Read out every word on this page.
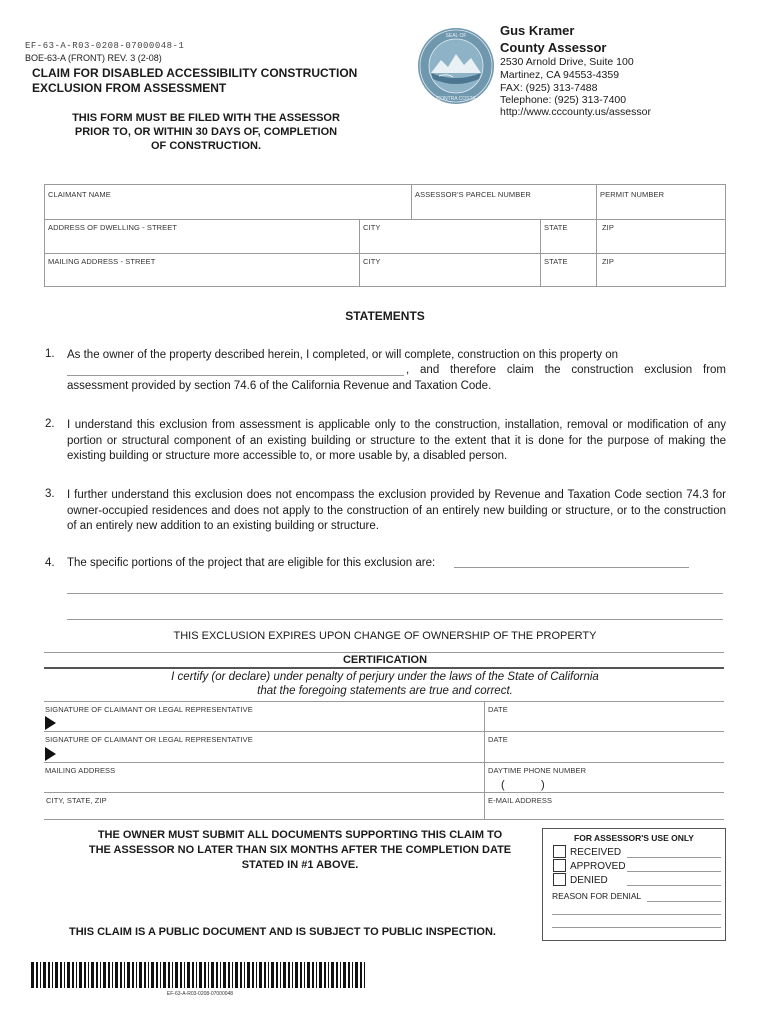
EF-63-A-R03-0208-07000048-1
BOE-63-A (FRONT) REV. 3 (2-08)
CLAIM FOR DISABLED ACCESSIBILITY CONSTRUCTION
EXCLUSION FROM ASSESSMENT
THIS FORM MUST BE FILED WITH THE ASSESSOR
PRIOR TO, OR WITHIN 30 DAYS OF, COMPLETION
OF CONSTRUCTION.
SEAL OF
CONTRA COSTA
Gus Kramer
County Assessor
2530 Arnold Drive, Suite 100
Martinez, CA 94553-4359
FAX: (925) 313-7488
Telephone: (925) 313-7400
http://www.cccounty.us/assessor
CLAIMANT NAME	ASSESSOR'S PARCEL NUMBER	PERMIT NUMBER
ADDRESS OF DWELLING - STREET	CITY	STATE	ZIP
MAILING ADDRESS - STREET	CITY	STATE	ZIP
STATEMENTS
1. As the owner of the property described herein, I completed, or will complete, construction on this property on
, and therefore claim the construction exclusion from assessment provided by section 74.6 of the California Revenue and Taxation Code.
2. I understand this exclusion from assessment is applicable only to the construction, installation, removal or modification of any portion or structural component of an existing building or structure to the extent that it is done for the purpose of making the existing building or structure more accessible to, or more usable by, a disabled person.
3. I further understand this exclusion does not encompass the exclusion provided by Revenue and Taxation Code section 74.3 for owner-occupied residences and does not apply to the construction of an entirely new building or structure, or to the construction of an entirely new addition to an existing building or structure.
4. The specific portions of the project that are eligible for this exclusion are:
THIS EXCLUSION EXPIRES UPON CHANGE OF OWNERSHIP OF THE PROPERTY
CERTIFICATION
I certify (or declare) under penalty of perjury under the laws of the State of California
that the foregoing statements are true and correct.
SIGNATURE OF CLAIMANT OR LEGAL REPRESENTATIVE	DATE
SIGNATURE OF CLAIMANT OR LEGAL REPRESENTATIVE	DATE
MAILING ADDRESS	DAYTIME PHONE NUMBER
(	)
CITY, STATE, ZIP	E-MAIL ADDRESS
THE OWNER MUST SUBMIT ALL DOCUMENTS SUPPORTING THIS CLAIM TO
THE ASSESSOR NO LATER THAN SIX MONTHS AFTER THE COMPLETION DATE
STATED IN #1 ABOVE.
THIS CLAIM IS A PUBLIC DOCUMENT AND IS SUBJECT TO PUBLIC INSPECTION.
FOR ASSESSOR'S USE ONLY
RECEIVED
APPROVED
DENIED
REASON FOR DENIAL
EF-63-A-R03-0208-07000048
